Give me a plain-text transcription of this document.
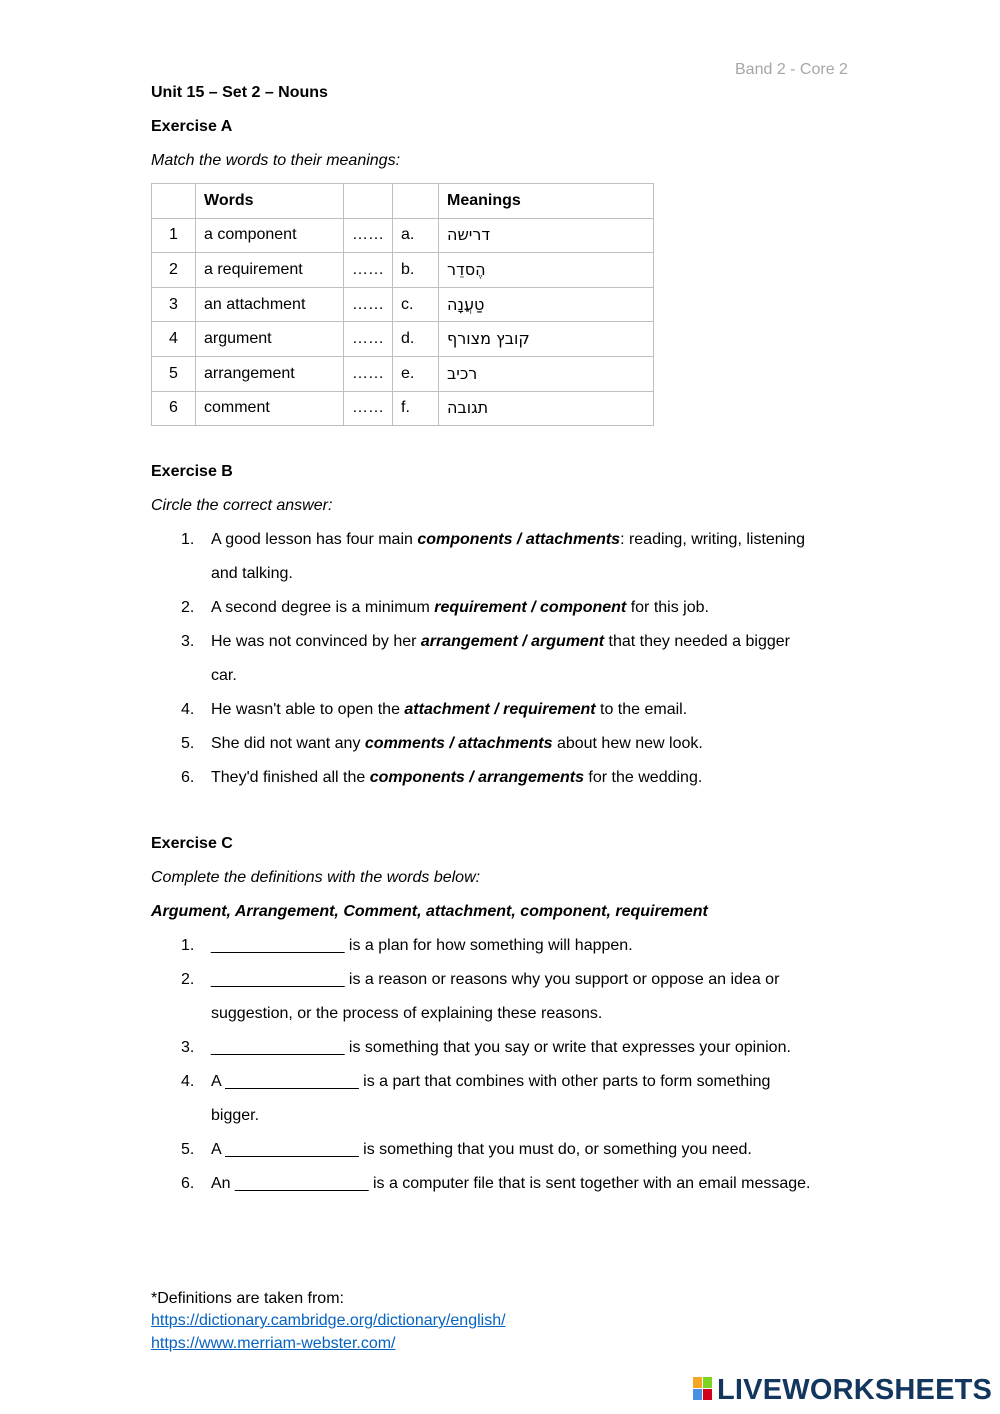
Band 2 - Core 2
Unit 15 – Set 2 – Nouns
Exercise A
Match the words to their meanings:
	Words			Meanings
1	a component	……	a.	דרישה
2	a requirement	……	b.	הֶסדֵר
3	an attachment	……	c.	טַעֲנָה
4	argument	……	d.	קובץ מצורף
5	arrangement	……	e.	רכיב
6	comment	……	f.	תגובה
Exercise B
Circle the correct answer:
1. A good lesson has four main components / attachments: reading, writing, listening
and talking.
2. A second degree is a minimum requirement / component for this job.
3. He was not convinced by her arrangement / argument that they needed a bigger
car.
4. He wasn't able to open the attachment / requirement to the email.
5. She did not want any comments / attachments about hew new look.
6. They'd finished all the components / arrangements for the wedding.
Exercise C
Complete the definitions with the words below:
Argument, Arrangement, Comment, attachment, component, requirement
1. _______________ is a plan for how something will happen.
2. _______________ is a reason or reasons why you support or oppose an idea or
suggestion, or the process of explaining these reasons.
3. _______________ is something that you say or write that expresses your opinion.
4. A _______________ is a part that combines with other parts to form something
bigger.
5. A _______________ is something that you must do, or something you need.
6. An _______________ is a computer file that is sent together with an email message.
*Definitions are taken from:
https://dictionary.cambridge.org/dictionary/english/
https://www.merriam-webster.com/
LIVEWORKSHEETS
